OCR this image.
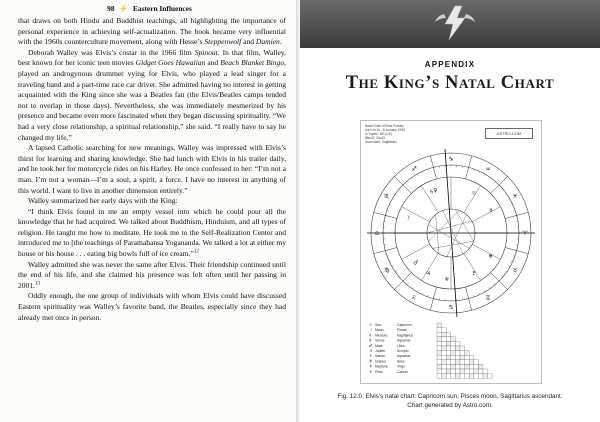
98 ⚡ Eastern Influences

that draws on both Hindu and Buddhist teachings, all highlighting the importance of personal experience in achieving self-actualization. The book became very influential with the 1960s counterculture movement, along with Hesse’s Steppenwolf and Damien.

Deborah Walley was Elvis’s costar in the 1966 film Spinout. In that film, Walley, best known for her iconic teen movies Gidget Goes Hawaiian and Beach Blanket Bingo, played an androgynous drummer vying for Elvis, who played a lead singer for a traveling band and a part-time race car driver. She admitted having no interest in getting acquainted with the King since she was a Beatles fan (the Elvis/Beatles camps tended not to overlap in those days). Nevertheless, she was immediately mesmerized by his presence and became even more fascinated when they began discussing spirituality. “We had a very close relationship, a spiritual relationship,” she said. “I really have to say he changed my life.”

A lapsed Catholic searching for new meanings, Walley was impressed with Elvis’s thirst for learning and sharing knowledge. She had lunch with Elvis in his trailer daily, and he took her for motorcycle rides on his Harley. He once confessed to her: “I’m not a man. I’m not a woman—I’m a soul, a spirit, a force. I have no interest in anything of this world. I want to live in another dimension entirely.”

Walley summarized her early days with the King:

“I think Elvis found in me an empty vessel into which he could pour all the knowledge that he had acquired. We talked about Buddhism, Hinduism, and all types of religion. He taught me how to meditate. He took me to the Self-Realization Center and introduced me to [the teachings of Paramahansa Yogananda. We talked a lot at either my house or his house . . . eating big bowls full of ice cream.”$^{12}$

Walley admitted she was never the same after Elvis. Their friendship continued until the end of his life, and she claimed his presence was felt often until her passing in 2001.13

Oddly enough, the one group of individuals with whom Elvis could have discussed Eastern spirituality was Walley’s favorite band, the Beatles, especially since they had already met once in person.

APPENDIX
The King’s Natal Chart
Natal Chart of Elvis Presley
born on Tu., 8 January 1935
in Tupelo, MS (US)
88w42, 34n15
Ascendant: Sagittarius
ASTRO.COM
♈
♉
♊
♋
♌
♍
♎
♏
♐
♑
♒
♓
☉
☽
☿
♀
♂
♃
♄
♅
♆
♇
☉ Sun	Capricorn
☽ Moon	Pisces
☿ Mercury	Sagittarius
♀ Venus	Aquarius
♂ Mars	Libra
♃ Jupiter	Scorpio
♄ Saturn	Aquarius
♅ Uranus	Aries
♆ Neptune	Virgo
♇ Pluto	Cancer
Fig. 12.0. Elvis’s natal chart: Capricorn sun, Pisces moon, Sagittarius ascendant. Chart generated by Astro.com.
